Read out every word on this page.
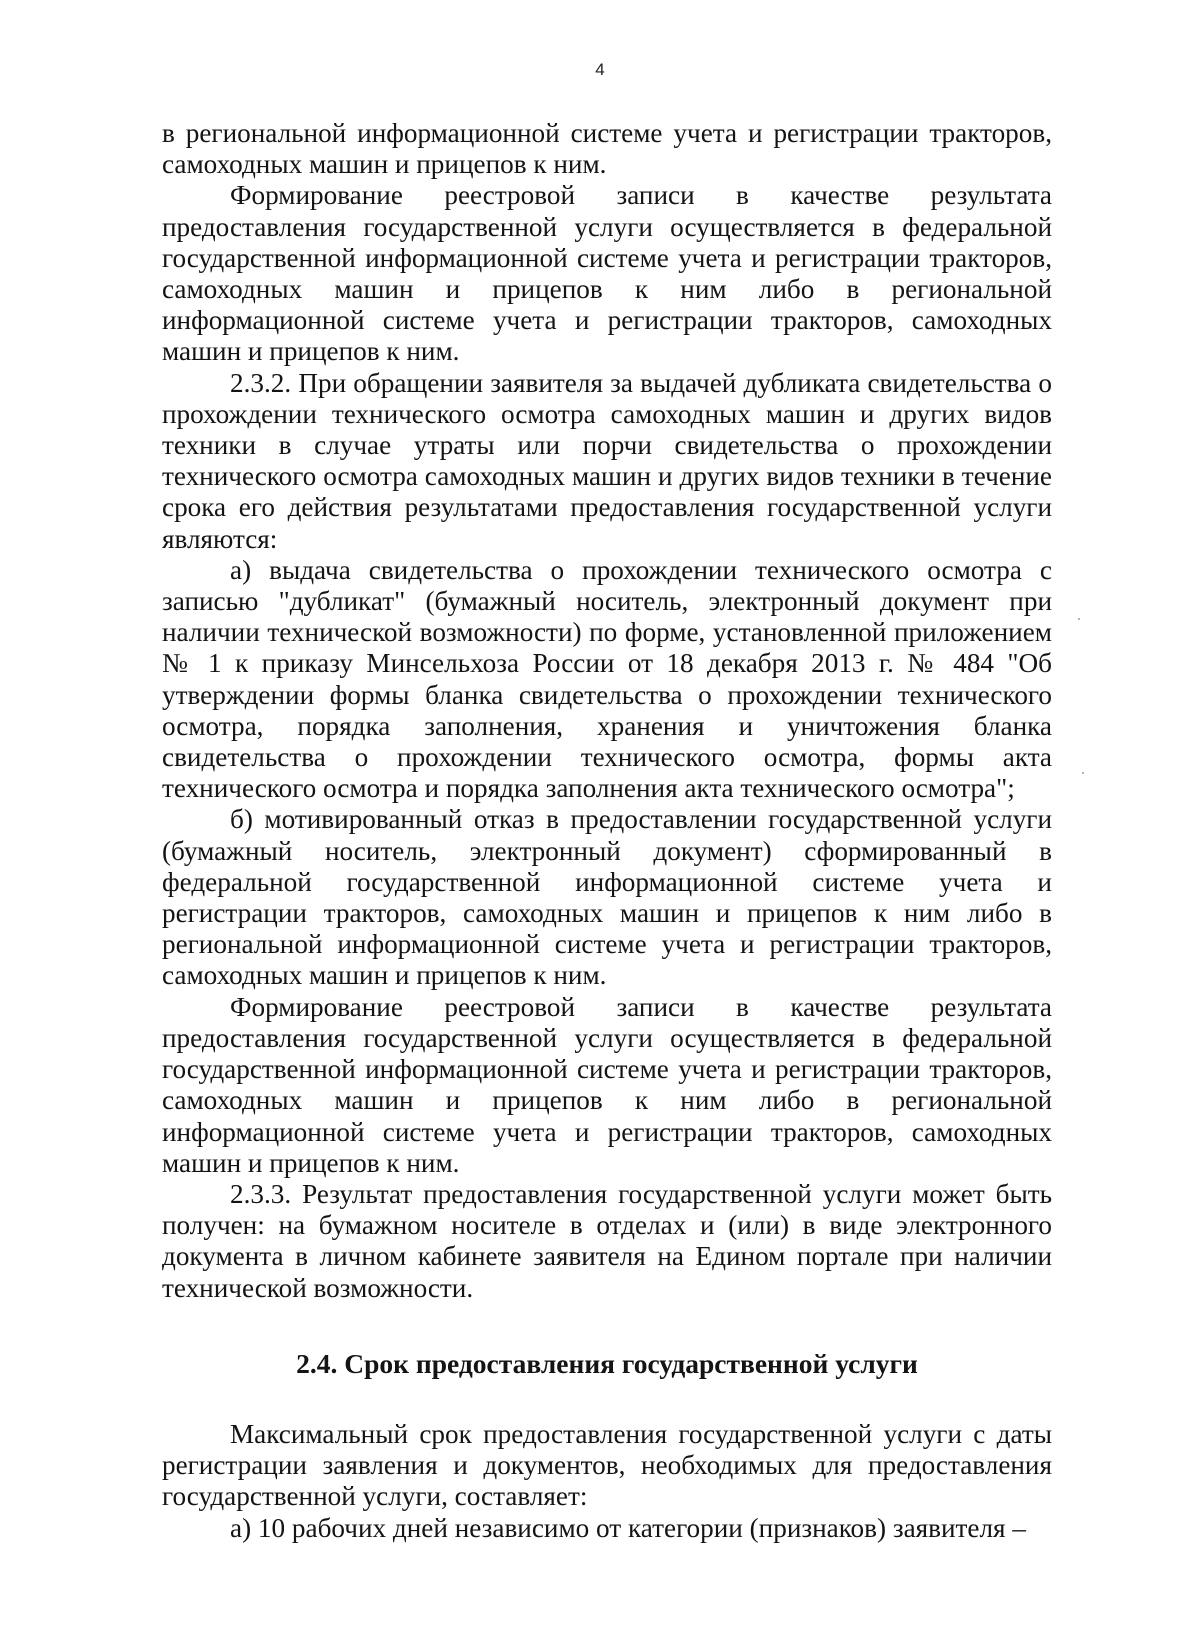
4

в региональной информационной системе учета и регистрации тракторов, самоходных машин и прицепов к ним.

Формирование реестровой записи в качестве результата предоставления государственной услуги осуществляется в федеральной государственной информационной системе учета и регистрации тракторов, самоходных машин и прицепов к ним либо в региональной информационной системе учета и регистрации тракторов, самоходных машин и прицепов к ним.

2.3.2. При обращении заявителя за выдачей дубликата свидетельства о прохождении технического осмотра самоходных машин и других видов техники в случае утраты или порчи свидетельства о прохождении технического осмотра самоходных машин и других видов техники в течение срока его действия результатами предоставления государственной услуги являются:

а) выдача свидетельства о прохождении технического осмотра с записью "дубликат" (бумажный носитель, электронный документ при наличии технической возможности) по форме, установленной приложением № 1 к приказу Минсельхоза России от 18 декабря 2013 г. № 484 "Об утверждении формы бланка свидетельства о прохождении технического осмотра, порядка заполнения, хранения и уничтожения бланка свидетельства о прохождении технического осмотра, формы акта технического осмотра и порядка заполнения акта технического осмотра";

б) мотивированный отказ в предоставлении государственной услуги (бумажный носитель, электронный документ) сформированный в федеральной государственной информационной системе учета и регистрации тракторов, самоходных машин и прицепов к ним либо в региональной информационной системе учета и регистрации тракторов, самоходных машин и прицепов к ним.

Формирование реестровой записи в качестве результата предоставления государственной услуги осуществляется в федеральной государственной информационной системе учета и регистрации тракторов, самоходных машин и прицепов к ним либо в региональной информационной системе учета и регистрации тракторов, самоходных машин и прицепов к ним.

2.3.3. Результат предоставления государственной услуги может быть получен: на бумажном носителе в отделах и (или) в виде электронного документа в личном кабинете заявителя на Едином портале при наличии технической возможности.

2.4. Срок предоставления государственной услуги

Максимальный срок предоставления государственной услуги с даты регистрации заявления и документов, необходимых для предоставления государственной услуги, составляет:

а) 10 рабочих дней независимо от категории (признаков) заявителя –
